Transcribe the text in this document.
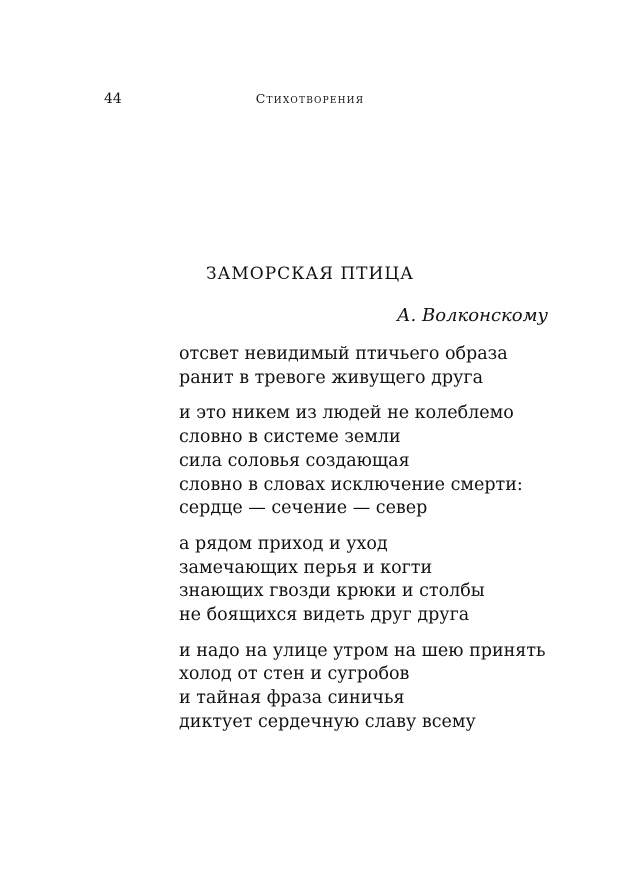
44	Стихотворения
ЗАМОРСКАЯ ПТИЦА
А. Волконскому
отсвет невидимый птичьего образа
ранит в тревоге живущего друга
и это никем из людей не колеблемо
словно в системе земли
сила соловья создающая
словно в словах исключение смерти:
сердце — сечение — север
а рядом приход и уход
замечающих перья и когти
знающих гвозди крюки и столбы
не боящихся видеть друг друга
и надо на улице утром на шею принять
холод от стен и сугробов
и тайная фраза синичья
диктует сердечную славу всему
